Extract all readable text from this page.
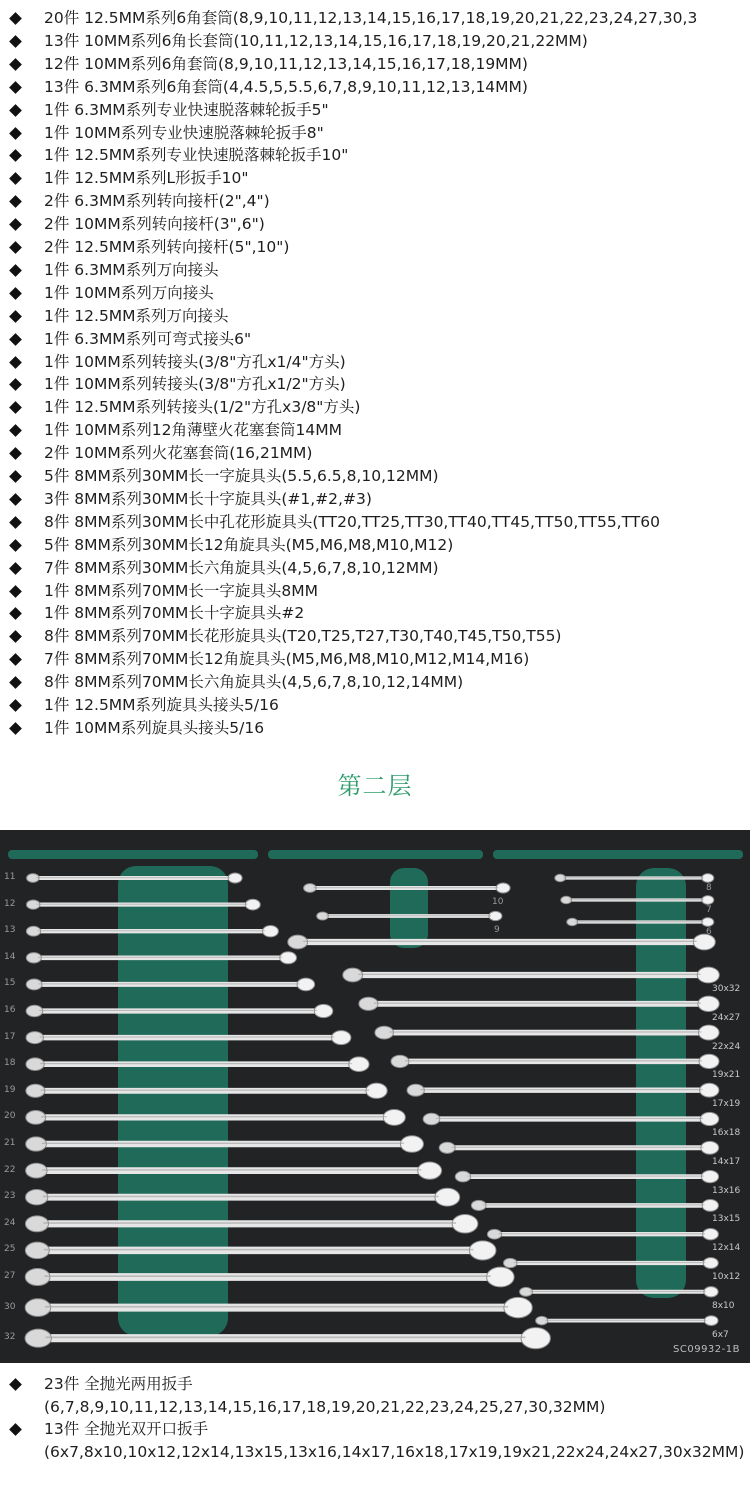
20件 12.5MM系列6角套筒(8,9,10,11,12,13,14,15,16,17,18,19,20,21,22,23,24,27,30,3
13件 10MM系列6角长套筒(10,11,12,13,14,15,16,17,18,19,20,21,22MM)
12件 10MM系列6角套筒(8,9,10,11,12,13,14,15,16,17,18,19MM)
13件 6.3MM系列6角套筒(4,4.5,5,5.5,6,7,8,9,10,11,12,13,14MM)
1件 6.3MM系列专业快速脱落棘轮扳手5"
1件 10MM系列专业快速脱落棘轮扳手8"
1件 12.5MM系列专业快速脱落棘轮扳手10"
1件 12.5MM系列L形扳手10"
2件 6.3MM系列转向接杆(2",4")
2件 10MM系列转向接杆(3",6")
2件 12.5MM系列转向接杆(5",10")
1件 6.3MM系列万向接头
1件 10MM系列万向接头
1件 12.5MM系列万向接头
1件 6.3MM系列可弯式接头6"
1件 10MM系列转接头(3/8"方孔x1/4"方头)
1件 10MM系列转接头(3/8"方孔x1/2"方头)
1件 12.5MM系列转接头(1/2"方孔x3/8"方头)
1件 10MM系列12角薄壁火花塞套筒14MM
2件 10MM系列火花塞套筒(16,21MM)
5件 8MM系列30MM长一字旋具头(5.5,6.5,8,10,12MM)
3件 8MM系列30MM长十字旋具头(#1,#2,#3)
8件 8MM系列30MM长中孔花形旋具头(TT20,TT25,TT30,TT40,TT45,TT50,TT55,TT60
5件 8MM系列30MM长12角旋具头(M5,M6,M8,M10,M12)
7件 8MM系列30MM长六角旋具头(4,5,6,7,8,10,12MM)
1件 8MM系列70MM长一字旋具头8MM
1件 8MM系列70MM长十字旋具头#2
8件 8MM系列70MM长花形旋具头(T20,T25,T27,T30,T40,T45,T50,T55)
7件 8MM系列70MM长12角旋具头(M5,M6,M8,M10,M12,M14,M16)
8件 8MM系列70MM长六角旋具头(4,5,6,7,8,10,12,14MM)
1件 12.5MM系列旋具头接头5/16
1件 10MM系列旋具头接头5/16
第二层
SC09932-1B
11
12
13
14
15
16
17
18
19
20
21
22
23
24
25
27
30
32
10
9
8
7
6
30x32
24x27
22x24
19x21
17x19
16x18
14x17
13x16
13x15
12x14
10x12
8x10
6x7
23件 全抛光两用扳手(6,7,8,9,10,11,12,13,14,15,16,17,18,19,20,21,22,23,24,25,27,30,32MM)
13件 全抛光双开口扳手(6x7,8x10,10x12,12x14,13x15,13x16,14x17,16x18,17x19,19x21,22x24,24x27,30x32MM)
